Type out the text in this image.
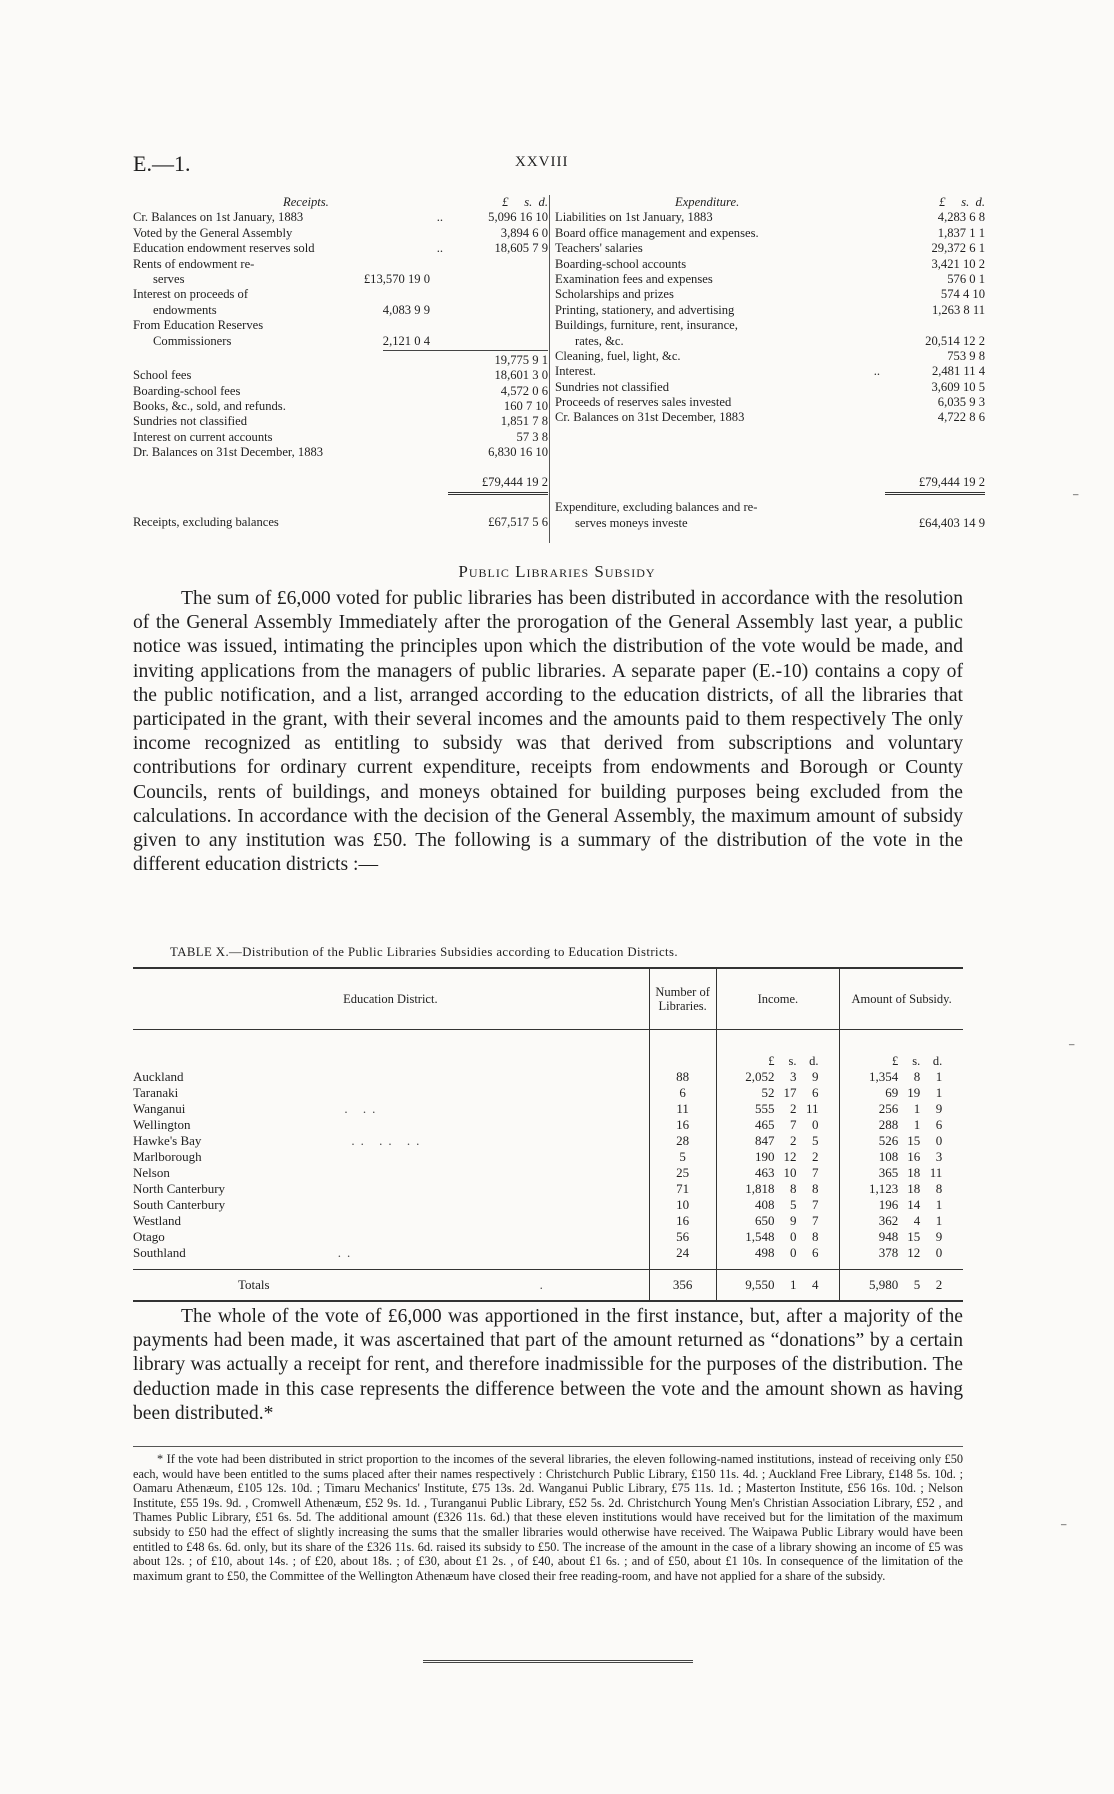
E.—1.	XXVIII
Receipts.	£ s. d.
Cr. Balances on 1st January, 1883	..	5,096 16 10
Voted by the General Assembly	3,894 6 0
Education endowment reserves sold	..	18,605 7 9
Rents of endowment re-
serves	£13,570 19 0
Interest on proceeds of
endowments	4,083 9 9
From Education Reserves
Commissioners	2,121 0 4
19,775 9 1
School fees	18,601 3 0
Boarding-school fees	4,572 0 6
Books, &c., sold, and refunds.	160 7 10
Sundries not classified	1,851 7 8
Interest on current accounts	57 3 8
Dr. Balances on 31st December, 1883	6,830 16 10
Expenditure.	£ s. d.
Liabilities on 1st January, 1883	4,283 6 8
Board office management and expenses.	1,837 1 1
Teachers' salaries	29,372 6 1
Boarding-school accounts	3,421 10 2
Examination fees and expenses	576 0 1
Scholarships and prizes	574 4 10
Printing, stationery, and advertising	1,263 8 11
Buildings, furniture, rent, insurance,
rates, &c.	20,514 12 2
Cleaning, fuel, light, &c.	753 9 8
Interest.	..	2,481 11 4
Sundries not classified	3,609 10 5
Proceeds of reserves sales invested	6,035 9 3
Cr. Balances on 31st December, 1883	4,722 8 6
£79,444 19 2
Receipts, excluding balances	£67,517 5 6
£79,444 19 2
Expenditure, excluding balances and re-
serves moneys investe	£64,403 14 9
Public Libraries Subsidy
The sum of £6,000 voted for public libraries has been distributed in accordance with the resolution of the General Assembly Immediately after the prorogation of the General Assembly last year, a public notice was issued, intimating the principles upon which the distribution of the vote would be made, and inviting applications from the managers of public libraries. A separate paper (E.-10) contains a copy of the public notification, and a list, arranged according to the education districts, of all the libraries that participated in the grant, with their several incomes and the amounts paid to them respectively The only income recognized as entitling to subsidy was that derived from subscriptions and voluntary contributions for ordinary current expenditure, receipts from endowments and Borough or County Councils, rents of buildings, and moneys obtained for building purposes being excluded from the calculations. In accordance with the decision of the General Assembly, the maximum amount of subsidy given to any institution was £50. The following is a summary of the distribution of the vote in the different education districts :—
TABLE X.—Distribution of the Public Libraries Subsidies according to Education Districts.
Education District.	Number of Libraries.	Income.	Amount of Subsidy.

		£ s. d.	£ s. d.
Auckland	88	2,052 3 9	1,354 8 1
Taranaki	6	52 17 6	69 19 1
Wanganui . ..	11	555 2 11	256 1 9
Wellington	16	465 7 0	288 1 6
Hawke's Bay .. .. ..	28	847 2 5	526 15 0
Marlborough	5	190 12 2	108 16 3
Nelson	25	463 10 7	365 18 11
North Canterbury	71	1,818 8 8	1,123 18 8
South Canterbury	10	408 5 7	196 14 1
Westland	16	650 9 7	362 4 1
Otago	56	1,548 0 8	948 15 9
Southland ..	24	498 0 6	378 12 0

Totals .	356	9,550 1 4	5,980 5 2
The whole of the vote of £6,000 was apportioned in the first instance, but, after a majority of the payments had been made, it was ascertained that part of the amount returned as “donations” by a certain library was actually a receipt for rent, and therefore inadmissible for the purposes of the distribution. The deduction made in this case represents the difference between the vote and the amount shown as having been distributed.*
* If the vote had been distributed in strict proportion to the incomes of the several libraries, the eleven following-named institutions, instead of receiving only £50 each, would have been entitled to the sums placed after their names respectively : Christchurch Public Library, £150 11s. 4d. ; Auckland Free Library, £148 5s. 10d. ; Oamaru Athenæum, £105 12s. 10d. ; Timaru Mechanics' Institute, £75 13s. 2d. Wanganui Public Library, £75 11s. 1d. ; Masterton Institute, £56 16s. 10d. ; Nelson Institute, £55 19s. 9d. , Cromwell Athenæum, £52 9s. 1d. , Turanganui Public Library, £52 5s. 2d. Christchurch Young Men's Christian Association Library, £52 , and Thames Public Library, £51 6s. 5d. The additional amount (£326 11s. 6d.) that these eleven institutions would have received but for the limitation of the maximum subsidy to £50 had the effect of slightly increasing the sums that the smaller libraries would otherwise have received. The Waipawa Public Library would have been entitled to £48 6s. 6d. only, but its share of the £326 11s. 6d. raised its subsidy to £50. The increase of the amount in the case of a library showing an income of £5 was about 12s. ; of £10, about 14s. ; of £20, about 18s. ; of £30, about £1 2s. , of £40, about £1 6s. ; and of £50, about £1 10s. In consequence of the limitation of the maximum grant to £50, the Committee of the Wellington Athenæum have closed their free reading-room, and have not applied for a share of the subsidy.
⁻
⁻
⁻
